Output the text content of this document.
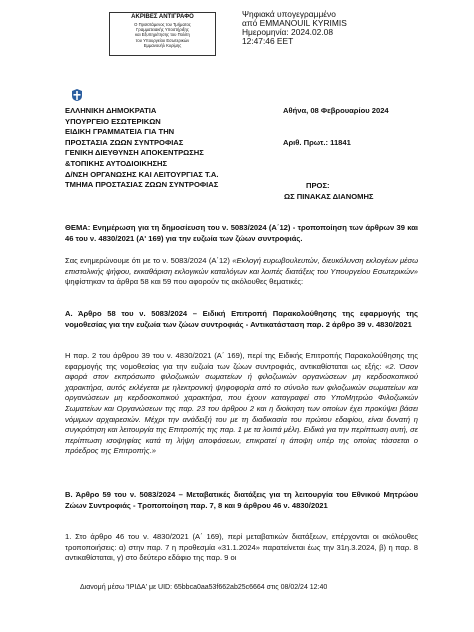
ΑΚΡΙΒΕΣ ΑΝΤΙΓΡΑΦΟ
Ο Προϊστάμενος του Τμήματος
Γραμματειακής Υποστήριξης
και Εξυπηρέτησης του Πολίτη
του Υπουργείου Εσωτερικών
Εμμανουήλ Κυρίμης
Ψηφιακά υπογεγραμμένο
από EMMANOUIL KYRIMIS
Ημερομηνία: 2024.02.08
12:47:46 EET
ΕΛΛΗΝΙΚΗ ΔΗΜΟΚΡΑΤΙΑ
ΥΠΟΥΡΓΕΙΟ ΕΣΩΤΕΡΙΚΩΝ
ΕΙΔΙΚΗ ΓΡΑΜΜΑΤΕΙΑ ΓΙΑ ΤΗΝ
ΠΡΟΣΤΑΣΙΑ ΖΩΩΝ ΣΥΝΤΡΟΦΙΑΣ
ΓΕΝΙΚΗ ΔΙΕΥΘΥΝΣΗ ΑΠΟΚΕΝΤΡΩΣΗΣ
&ΤΟΠΙΚΗΣ ΑΥΤΟΔΙΟΙΚΗΣΗΣ
Δ/ΝΣΗ ΟΡΓΑΝΩΣΗΣ ΚΑΙ ΛΕΙΤΟΥΡΓΙΑΣ Τ.Α.
ΤΜΗΜΑ ΠΡΟΣΤΑΣΙΑΣ ΖΩΩΝ ΣΥΝΤΡΟΦΙΑΣ
Αθήνα, 08 Φεβρουαρίου 2024
Αριθ. Πρωτ.: 11841
ΠΡΟΣ:
ΩΣ ΠΙΝΑΚΑΣ ΔΙΑΝΟΜΗΣ
ΘΕΜΑ: Ενημέρωση για τη δημοσίευση του ν. 5083/2024 (Α΄12) - τροποποίηση των άρθρων 39 και 46 του ν. 4830/2021 (Α' 169) για την ευζωία των ζώων συντροφιάς.
Σας ενημερώνουμε ότι με το ν. 5083/2024 (Α΄12) «Εκλογή ευρωβουλευτών, διευκόλυνση εκλογέων μέσω επιστολικής ψήφου, εκκαθάριση εκλογικών καταλόγων και λοιπές διατάξεις του Υπουργείου Εσωτερικών» ψηφίστηκαν τα άρθρα 58 και 59 που αφορούν τις ακόλουθες θεματικές:
Α. Άρθρο 58 του ν. 5083/2024 – Ειδική Επιτροπή Παρακολούθησης της εφαρμογής της νομοθεσίας για την ευζωία των ζώων συντροφιάς - Αντικατάσταση παρ. 2 άρθρο 39 ν. 4830/2021
Η παρ. 2 του άρθρου 39 του ν. 4830/2021 (Α΄ 169), περί της Ειδικής Επιτροπής Παρακολούθησης της εφαρμογής της νομοθεσίας για την ευζωία των ζώων συντροφιάς, αντικαθίσταται ως εξής: «2. Όσον αφορά στον εκπρόσωπο φιλοζωικών σωματείων ή φιλοζωικών οργανώσεων μη κερδοσκοπικού χαρακτήρα, αυτός εκλέγεται με ηλεκτρονική ψηφοφορία από το σύνολο των φιλοζωικών σωματείων και οργανώσεων μη κερδοσκοπικού χαρακτήρα, που έχουν καταγραφεί στο ΥποΜητρώο Φιλοζωικών Σωματείων και Οργανώσεων της παρ. 23 του άρθρου 2 και η διοίκηση των οποίων έχει προκύψει βάσει νόμιμων αρχαιρεσιών. Μέχρι την ανάδειξή του με τη διαδικασία του πρώτου εδαφίου, είναι δυνατή η συγκρότηση και λειτουργία της Επιτροπής της παρ. 1 με τα λοιπά μέλη. Ειδικά για την περίπτωση αυτή, σε περίπτωση ισοψηφίας κατά τη λήψη αποφάσεων, επικρατεί η άποψη υπέρ της οποίας τάσσεται ο πρόεδρος της Επιτροπής.»
Β. Άρθρο 59 του ν. 5083/2024 – Μεταβατικές διατάξεις για τη λειτουργία του Εθνικού Μητρώου Ζώων Συντροφιάς - Τροποποίηση παρ. 7, 8 και 9 άρθρου 46 ν. 4830/2021
1. Στο άρθρο 46 του ν. 4830/2021 (Α΄ 169), περί μεταβατικών διατάξεων, επέρχονται οι ακόλουθες τροποποιήσεις: α) στην παρ. 7 η προθεσμία «31.1.2024» παρατείνεται έως την 31η.3.2024, β) η παρ. 8 αντικαθίσταται, γ) στο δεύτερο εδάφιο της παρ. 9 οι
Διανομή μέσω 'ΙΡΙΔΑ' με UID: 65bbca0aa53f662ab25c6664 στις 08/02/24 12:40
